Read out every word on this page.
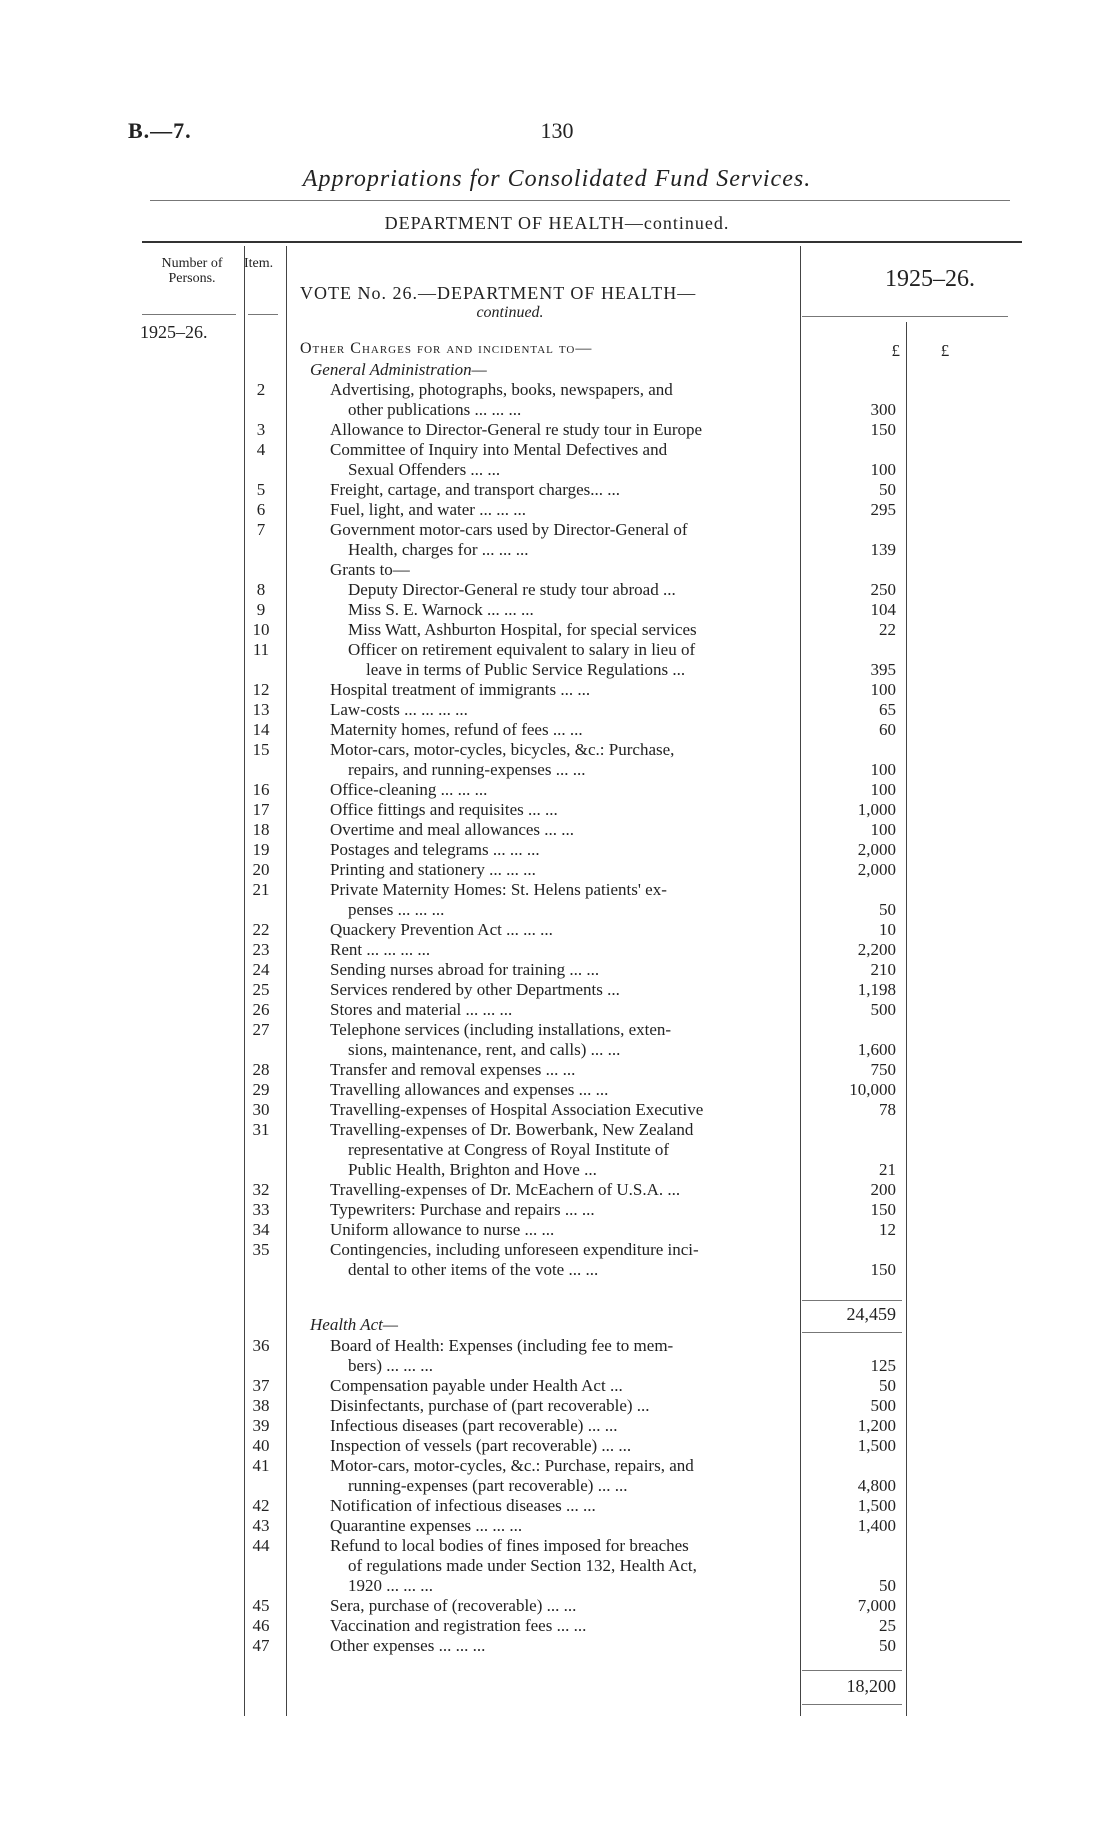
B.—7.	130
Appropriations for Consolidated Fund Services.
DEPARTMENT OF HEALTH—continued.
Number of Persons.
Item.
VOTE No. 26.—DEPARTMENT OF HEALTH—
continued.
1925–26.
1925–26.
£	£
Other Charges for and incidental to—
General Administration—
2	Advertising, photographs, books, newspapers, and
other publications ... ... ...	300
3	Allowance to Director-General re study tour in Europe	150
4	Committee of Inquiry into Mental Defectives and
Sexual Offenders ... ...	100
5	Freight, cartage, and transport charges... ...	50
6	Fuel, light, and water ... ... ...	295
7	Government motor-cars used by Director-General of
Health, charges for ... ... ...	139
Grants to—
8	Deputy Director-General re study tour abroad ...	250
9	Miss S. E. Warnock ... ... ...	104
10	Miss Watt, Ashburton Hospital, for special services	22
11	Officer on retirement equivalent to salary in lieu of
leave in terms of Public Service Regulations ...	395
12	Hospital treatment of immigrants ... ...	100
13	Law-costs ... ... ... ...	65
14	Maternity homes, refund of fees ... ...	60
15	Motor-cars, motor-cycles, bicycles, &c.: Purchase,
repairs, and running-expenses ... ...	100
16	Office-cleaning ... ... ...	100
17	Office fittings and requisites ... ...	1,000
18	Overtime and meal allowances ... ...	100
19	Postages and telegrams ... ... ...	2,000
20	Printing and stationery ... ... ...	2,000
21	Private Maternity Homes: St. Helens patients' ex-
penses ... ... ...	50
22	Quackery Prevention Act ... ... ...	10
23	Rent ... ... ... ...	2,200
24	Sending nurses abroad for training ... ...	210
25	Services rendered by other Departments ...	1,198
26	Stores and material ... ... ...	500
27	Telephone services (including installations, exten-
sions, maintenance, rent, and calls) ... ...	1,600
28	Transfer and removal expenses ... ...	750
29	Travelling allowances and expenses ... ...	10,000
30	Travelling-expenses of Hospital Association Executive	78
31	Travelling-expenses of Dr. Bowerbank, New Zealand
representative at Congress of Royal Institute of
Public Health, Brighton and Hove ...	21
32	Travelling-expenses of Dr. McEachern of U.S.A. ...	200
33	Typewriters: Purchase and repairs ... ...	150
34	Uniform allowance to nurse ... ...	12
35	Contingencies, including unforeseen expenditure inci-
dental to other items of the vote ... ...	150
24,459
Health Act—
36	Board of Health: Expenses (including fee to mem-
bers) ... ... ...	125
37	Compensation payable under Health Act ...	50
38	Disinfectants, purchase of (part recoverable) ...	500
39	Infectious diseases (part recoverable) ... ...	1,200
40	Inspection of vessels (part recoverable) ... ...	1,500
41	Motor-cars, motor-cycles, &c.: Purchase, repairs, and
running-expenses (part recoverable) ... ...	4,800
42	Notification of infectious diseases ... ...	1,500
43	Quarantine expenses ... ... ...	1,400
44	Refund to local bodies of fines imposed for breaches
of regulations made under Section 132, Health Act,
1920 ... ... ...	50
45	Sera, purchase of (recoverable) ... ...	7,000
46	Vaccination and registration fees ... ...	25
47	Other expenses ... ... ...	50
18,200
